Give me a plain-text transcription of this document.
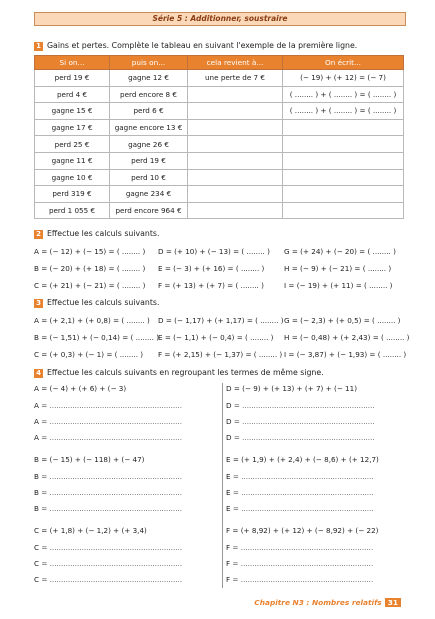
Série 5 : Additionner, soustraire
1 Gains et pertes. Complète le tableau en suivant l'exemple de la première ligne.
Si on...	puis on...	cela revient à...	On écrit...
perd 19 €	gagne 12 €	une perte de 7 €	(− 19) + (+ 12) = (− 7)
perd 4 €	perd encore 8 €		( ........ ) + ( ........ ) = ( ........ )
gagne 15 €	perd 6 €		( ........ ) + ( ........ ) = ( ........ )
gagne 17 €	gagne encore 13 €		
perd 25 €	gagne 26 €		
gagne 11 €	perd 19 €		
gagne 10 €	perd 10 €		
perd 319 €	gagne 234 €		
perd 1 055 €	perd encore 964 €		
2 Effectue les calculs suivants.
A = (− 12) + (− 15) = ( ........ ) D = (+ 10) + (− 13) = ( ........ ) G = (+ 24) + (− 20) = ( ........ )
B = (− 20) + (+ 18) = ( ........ ) E = (− 3) + (+ 16) = ( ........ )	H = (− 9) + (− 21) = ( ........ )
C = (+ 21) + (− 21) = ( ........ ) F = (+ 13) + (+ 7) = ( ........ )	I = (− 19) + (+ 11) = ( ........ )
3 Effectue les calculs suivants.
A = (+ 2,1) + (+ 0,8) = ( ........ ) D = (− 1,17) + (+ 1,17) = ( ........ ) G = (− 2,3) + (+ 0,5) = ( ........ )
B = (− 1,51) + (− 0,14) = ( ........ ) E = (− 1,1) + (− 0,4) = ( ........ ) H = (− 0,48) + (+ 2,43) = ( ........ )
C = (+ 0,3) + (− 1) = ( ........ ) F = (+ 2,15) + (− 1,37) = ( ........ ) I = (− 3,87) + (− 1,93) = ( ........ )
4 Effectue les calculs suivants en regroupant les termes de même signe.
A = (− 4) + (+ 6) + (− 3)
A = ..........................................................
A = ..........................................................
A = ..........................................................
B = (− 15) + (− 118) + (− 47)
B = ..........................................................
B = ..........................................................
B = ..........................................................
C = (+ 1,8) + (− 1,2) + (+ 3,4)
C = ..........................................................
C = ..........................................................
C = ..........................................................
D = (− 9) + (+ 13) + (+ 7) + (− 11)
D = ..........................................................
D = ..........................................................
D = ..........................................................
E = (+ 1,9) + (+ 2,4) + (− 8,6) + (+ 12,7)
E = ..........................................................
E = ..........................................................
E = ..........................................................
F = (+ 8,92) + (+ 12) + (− 8,92) + (− 22)
F = ..........................................................
F = ..........................................................
F = ..........................................................
Chapitre N3 : Nombres relatifs 31
